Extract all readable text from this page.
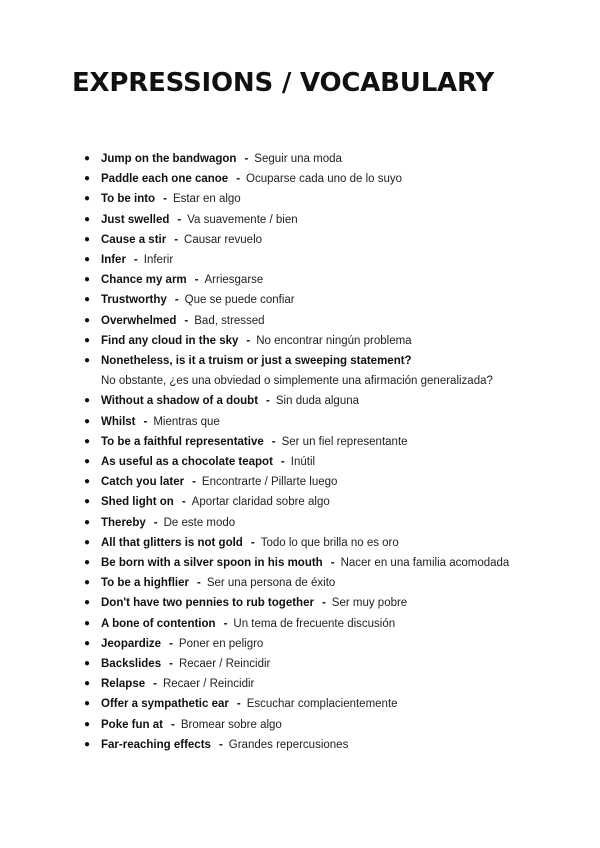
EXPRESSIONS / VOCABULARY
● Jump on the bandwagon - Seguir una moda
● Paddle each one canoe - Ocuparse cada uno de lo suyo
● To be into - Estar en algo
● Just swelled - Va suavemente / bien
● Cause a stir - Causar revuelo
● Infer - Inferir
● Chance my arm - Arriesgarse
● Trustworthy - Que se puede confiar
● Overwhelmed - Bad, stressed
● Find any cloud in the sky - No encontrar ningún problema
● Nonetheless, is it a truism or just a sweeping statement?
No obstante, ¿es una obviedad o simplemente una afirmación generalizada?
● Without a shadow of a doubt - Sin duda alguna
● Whilst - Mientras que
● To be a faithful representative - Ser un fiel representante
● As useful as a chocolate teapot - Inútil
● Catch you later - Encontrarte / Pillarte luego
● Shed light on - Aportar claridad sobre algo
● Thereby - De este modo
● All that glitters is not gold - Todo lo que brilla no es oro
● Be born with a silver spoon in his mouth - Nacer en una familia acomodada
● To be a highflier - Ser una persona de éxito
● Don't have two pennies to rub together - Ser muy pobre
● A bone of contention - Un tema de frecuente discusión
● Jeopardize - Poner en peligro
● Backslides - Recaer / Reincidir
● Relapse - Recaer / Reincidir
● Offer a sympathetic ear - Escuchar complacientemente
● Poke fun at - Bromear sobre algo
● Far-reaching effects - Grandes repercusiones
